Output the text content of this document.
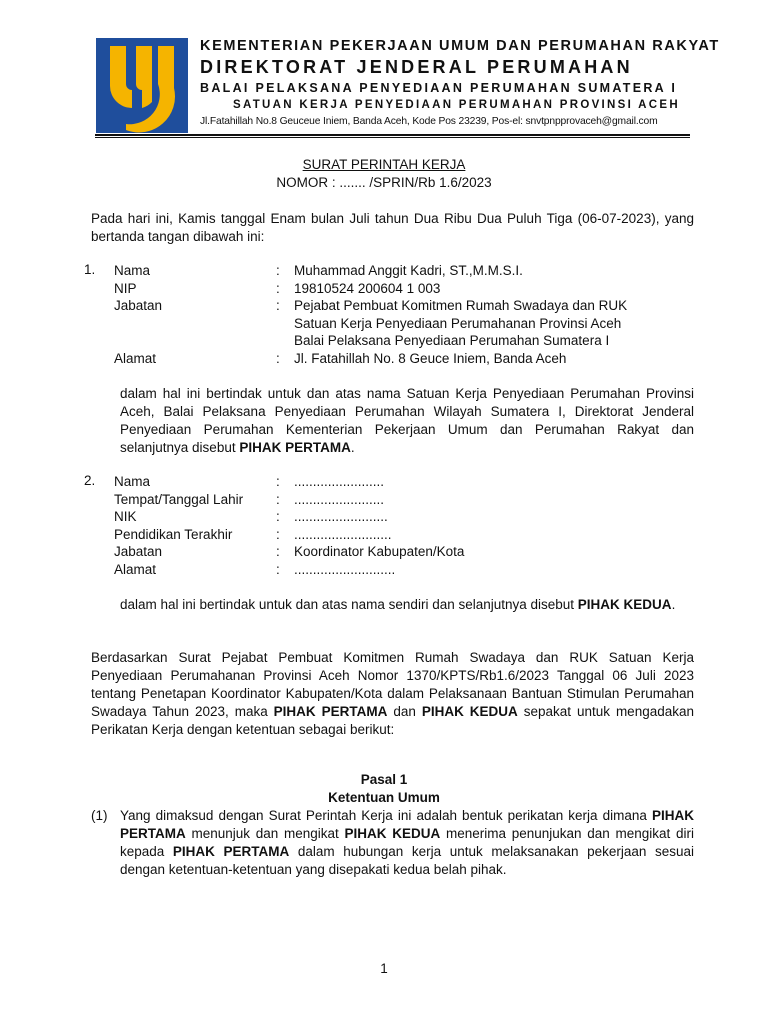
KEMENTERIAN PEKERJAAN UMUM DAN PERUMAHAN RAKYAT
DIREKTORAT JENDERAL PERUMAHAN
BALAI PELAKSANA PENYEDIAAN PERUMAHAN SUMATERA I
SATUAN KERJA PENYEDIAAN PERUMAHAN PROVINSI ACEH
Jl.Fatahillah No.8 Geuceue Iniem, Banda Aceh, Kode Pos 23239, Pos-el: snvtpnpprovaceh@gmail.com
SURAT PERINTAH KERJA
NOMOR : ....... /SPRIN/Rb 1.6/2023
Pada hari ini, Kamis tanggal Enam bulan Juli tahun Dua Ribu Dua Puluh Tiga (06-07-2023), yang bertanda tangan dibawah ini:
1. Nama	: Muhammad Anggit Kadri, ST.,M.M.S.I.
NIP	: 19810524 200604 1 003
Jabatan	: Pejabat Pembuat Komitmen Rumah Swadaya dan RUK
Satuan Kerja Penyediaan Perumahanan Provinsi Aceh
Balai Pelaksana Penyediaan Perumahan Sumatera I
Alamat	: Jl. Fatahillah No. 8 Geuce Iniem, Banda Aceh
dalam hal ini bertindak untuk dan atas nama Satuan Kerja Penyediaan Perumahan Provinsi Aceh, Balai Pelaksana Penyediaan Perumahan Wilayah Sumatera I, Direktorat Jenderal Penyediaan Perumahan Kementerian Pekerjaan Umum dan Perumahan Rakyat dan selanjutnya disebut PIHAK PERTAMA.
2. Nama	: ........................
Tempat/Tanggal Lahir : ........................
NIK	: .........................
Pendidikan Terakhir	: ..........................
Jabatan	: Koordinator Kabupaten/Kota
Alamat	: ...........................
dalam hal ini bertindak untuk dan atas nama sendiri dan selanjutnya disebut PIHAK KEDUA.
Berdasarkan Surat Pejabat Pembuat Komitmen Rumah Swadaya dan RUK Satuan Kerja Penyediaan Perumahanan Provinsi Aceh Nomor 1370/KPTS/Rb1.6/2023 Tanggal 06 Juli 2023 tentang Penetapan Koordinator Kabupaten/Kota dalam Pelaksanaan Bantuan Stimulan Perumahan Swadaya Tahun 2023, maka PIHAK PERTAMA dan PIHAK KEDUA sepakat untuk mengadakan Perikatan Kerja dengan ketentuan sebagai berikut:
Pasal 1
Ketentuan Umum
(1) Yang dimaksud dengan Surat Perintah Kerja ini adalah bentuk perikatan kerja dimana PIHAK PERTAMA menunjuk dan mengikat PIHAK KEDUA menerima penunjukan dan mengikat diri kepada PIHAK PERTAMA dalam hubungan kerja untuk melaksanakan pekerjaan sesuai dengan ketentuan-ketentuan yang disepakati kedua belah pihak.
1
